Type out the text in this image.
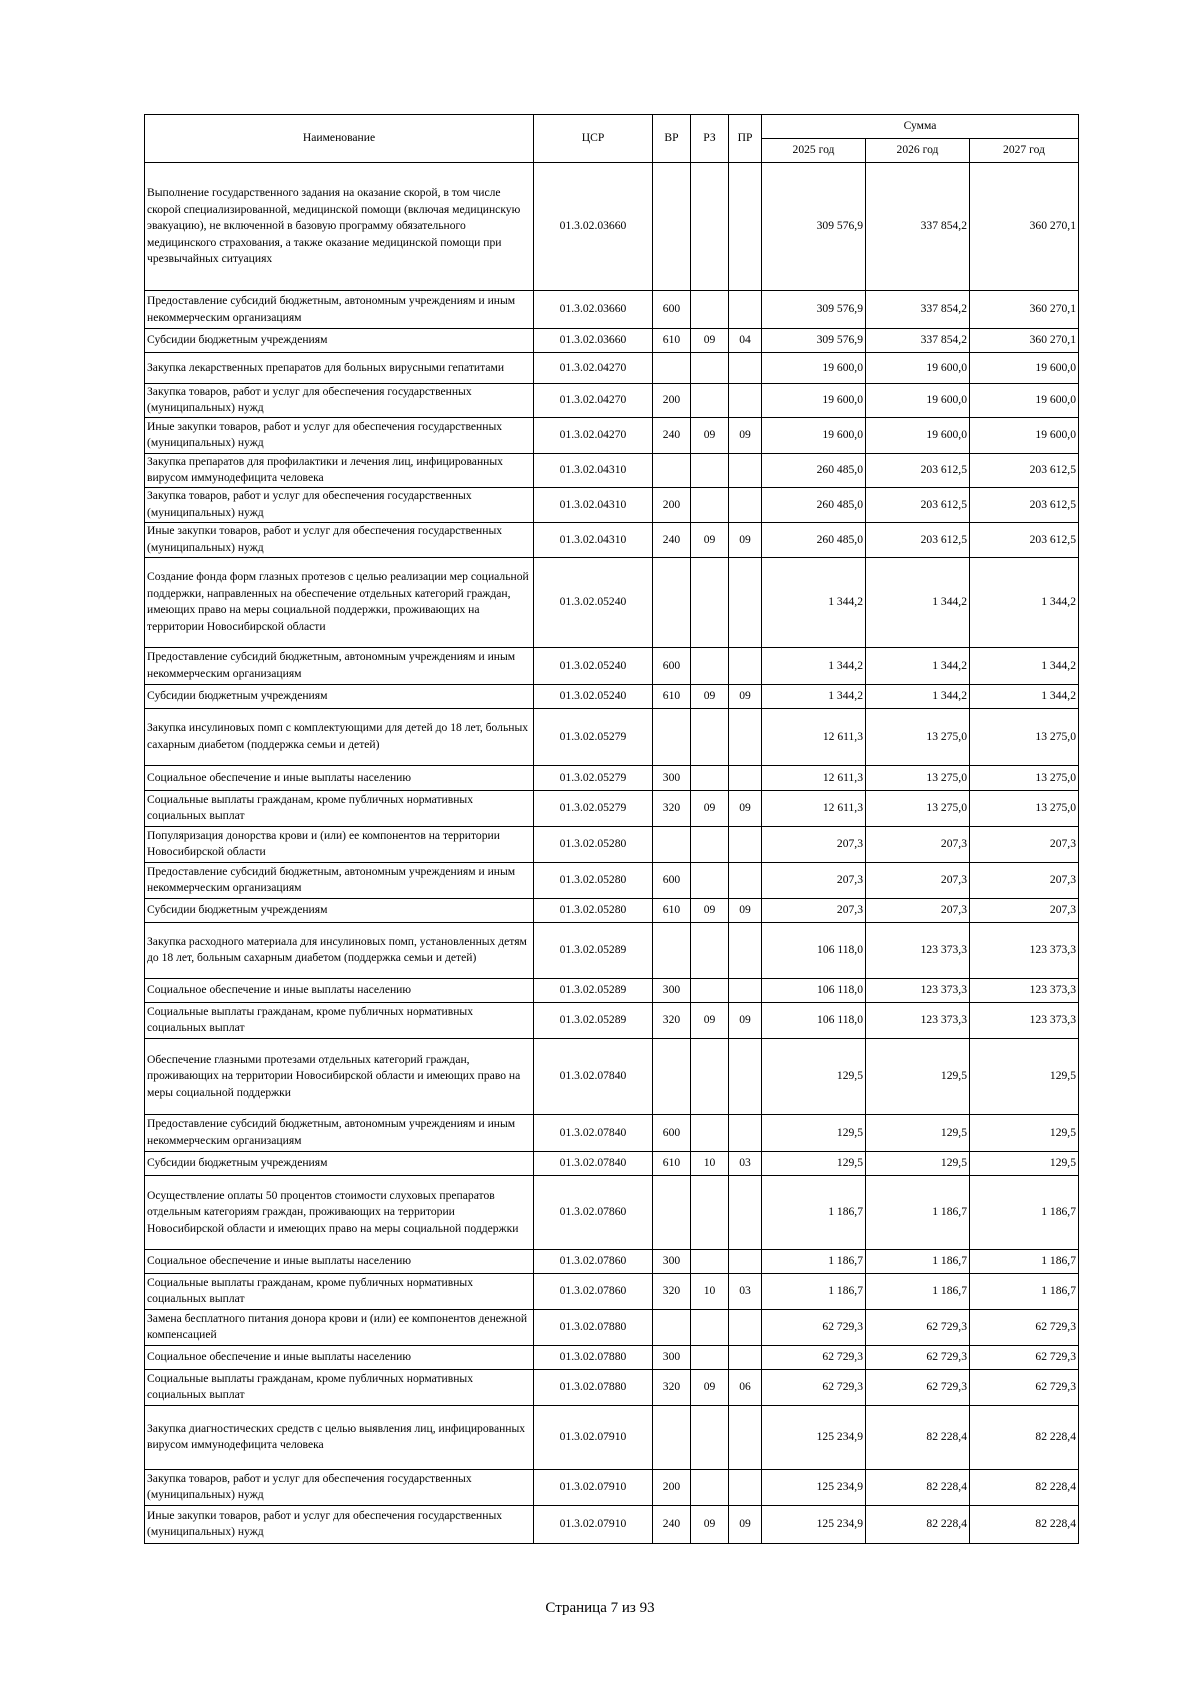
Наименование	ЦСР	ВР	РЗ	ПР	Сумма		
					2025 год	2026 год	2027 год
Выполнение государственного задания на оказание скорой, в том числе скорой специализированной, медицинской помощи (включая медицинскую эвакуацию), не включенной в базовую программу обязательного медицинского страхования, а также оказание медицинской помощи при чрезвычайных ситуациях	01.3.02.03660				309 576,9	337 854,2	360 270,1
Предоставление субсидий бюджетным, автономным учреждениям и иным некоммерческим организациям	01.3.02.03660	600			309 576,9	337 854,2	360 270,1
Субсидии бюджетным учреждениям	01.3.02.03660	610	09	04	309 576,9	337 854,2	360 270,1
Закупка лекарственных препаратов для больных вирусными гепатитами	01.3.02.04270				19 600,0	19 600,0	19 600,0
Закупка товаров, работ и услуг для обеспечения государственных (муниципальных) нужд	01.3.02.04270	200			19 600,0	19 600,0	19 600,0
Иные закупки товаров, работ и услуг для обеспечения государственных (муниципальных) нужд	01.3.02.04270	240	09	09	19 600,0	19 600,0	19 600,0
Закупка препаратов для профилактики и лечения лиц, инфицированных вирусом иммунодефицита человека	01.3.02.04310				260 485,0	203 612,5	203 612,5
Закупка товаров, работ и услуг для обеспечения государственных (муниципальных) нужд	01.3.02.04310	200			260 485,0	203 612,5	203 612,5
Иные закупки товаров, работ и услуг для обеспечения государственных (муниципальных) нужд	01.3.02.04310	240	09	09	260 485,0	203 612,5	203 612,5
Создание фонда форм глазных протезов с целью реализации мер социальной поддержки, направленных на обеспечение отдельных категорий граждан, имеющих право на меры социальной поддержки, проживающих на территории Новосибирской области	01.3.02.05240				1 344,2	1 344,2	1 344,2
Предоставление субсидий бюджетным, автономным учреждениям и иным некоммерческим организациям	01.3.02.05240	600			1 344,2	1 344,2	1 344,2
Субсидии бюджетным учреждениям	01.3.02.05240	610	09	09	1 344,2	1 344,2	1 344,2
Закупка инсулиновых помп с комплектующими для детей до 18 лет, больных сахарным диабетом (поддержка семьи и детей)	01.3.02.05279				12 611,3	13 275,0	13 275,0
Социальное обеспечение и иные выплаты населению	01.3.02.05279	300			12 611,3	13 275,0	13 275,0
Социальные выплаты гражданам, кроме публичных нормативных социальных выплат	01.3.02.05279	320	09	09	12 611,3	13 275,0	13 275,0
Популяризация донорства крови и (или) ее компонентов на территории Новосибирской области	01.3.02.05280				207,3	207,3	207,3
Предоставление субсидий бюджетным, автономным учреждениям и иным некоммерческим организациям	01.3.02.05280	600			207,3	207,3	207,3
Субсидии бюджетным учреждениям	01.3.02.05280	610	09	09	207,3	207,3	207,3
Закупка расходного материала для инсулиновых помп, установленных детям до 18 лет, больным сахарным диабетом (поддержка семьи и детей)	01.3.02.05289				106 118,0	123 373,3	123 373,3
Социальное обеспечение и иные выплаты населению	01.3.02.05289	300			106 118,0	123 373,3	123 373,3
Социальные выплаты гражданам, кроме публичных нормативных социальных выплат	01.3.02.05289	320	09	09	106 118,0	123 373,3	123 373,3
Обеспечение глазными протезами отдельных категорий граждан, проживающих на территории Новосибирской области и имеющих право на меры социальной поддержки	01.3.02.07840				129,5	129,5	129,5
Предоставление субсидий бюджетным, автономным учреждениям и иным некоммерческим организациям	01.3.02.07840	600			129,5	129,5	129,5
Субсидии бюджетным учреждениям	01.3.02.07840	610	10	03	129,5	129,5	129,5
Осуществление оплаты 50 процентов стоимости слуховых препаратов отдельным категориям граждан, проживающих на территории Новосибирской области и имеющих право на меры социальной поддержки	01.3.02.07860				1 186,7	1 186,7	1 186,7
Социальное обеспечение и иные выплаты населению	01.3.02.07860	300			1 186,7	1 186,7	1 186,7
Социальные выплаты гражданам, кроме публичных нормативных социальных выплат	01.3.02.07860	320	10	03	1 186,7	1 186,7	1 186,7
Замена бесплатного питания донора крови и (или) ее компонентов денежной компенсацией	01.3.02.07880				62 729,3	62 729,3	62 729,3
Социальное обеспечение и иные выплаты населению	01.3.02.07880	300			62 729,3	62 729,3	62 729,3
Социальные выплаты гражданам, кроме публичных нормативных социальных выплат	01.3.02.07880	320	09	06	62 729,3	62 729,3	62 729,3
Закупка диагностических средств с целью выявления лиц, инфицированных вирусом иммунодефицита человека	01.3.02.07910				125 234,9	82 228,4	82 228,4
Закупка товаров, работ и услуг для обеспечения государственных (муниципальных) нужд	01.3.02.07910	200			125 234,9	82 228,4	82 228,4
Иные закупки товаров, работ и услуг для обеспечения государственных (муниципальных) нужд	01.3.02.07910	240	09	09	125 234,9	82 228,4	82 228,4
Страница 7 из 93
